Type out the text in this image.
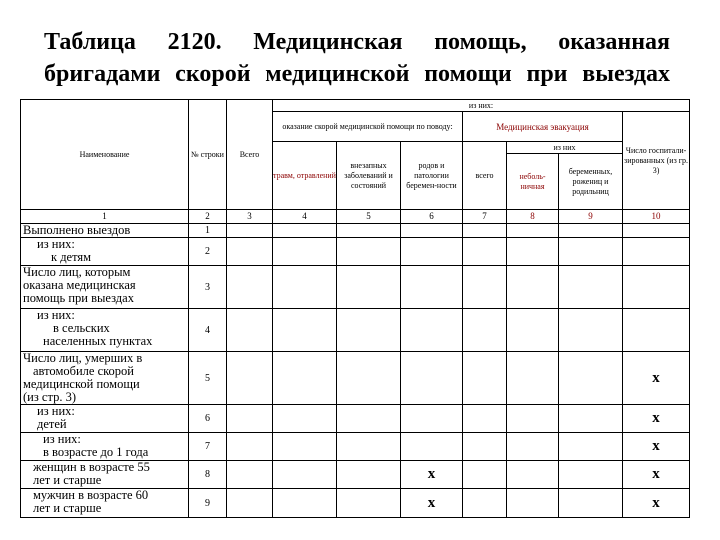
Таблица 2120. Медицинская помощь, оказанная
бригадами скорой медицинской помощи при выездах
Наименование	№ строки	Всего	из них:						
			оказание скорой медицинской помощи по поводу:			Медицинская эвакуация			Число госпитали-зированных (из гр. 3)
			травм, отравлений	внезапных заболеваний и состояний	родов и патологии беремен-ности	всего	из них		
							неболь- ничная	беременных, рожениц и родильниц	
1	2	3	4	5	6	7	8	9	10

Выполнено выездов	1								

из них:
к детям	2								

Число лиц, которым
оказана медицинская
помощь при выездах	3								

из них:
в сельских
населенных пунктах	4								

Число лиц, умерших в
автомобиле скорой
медицинской помощи
(из стр. 3)	5								x

из них:
детей	6								x

из них:
в возрасте до 1 года	7								x

женщин в возрасте 55
лет и старше	8				x				x

мужчин в возрасте 60
лет и старше	9				x				x
